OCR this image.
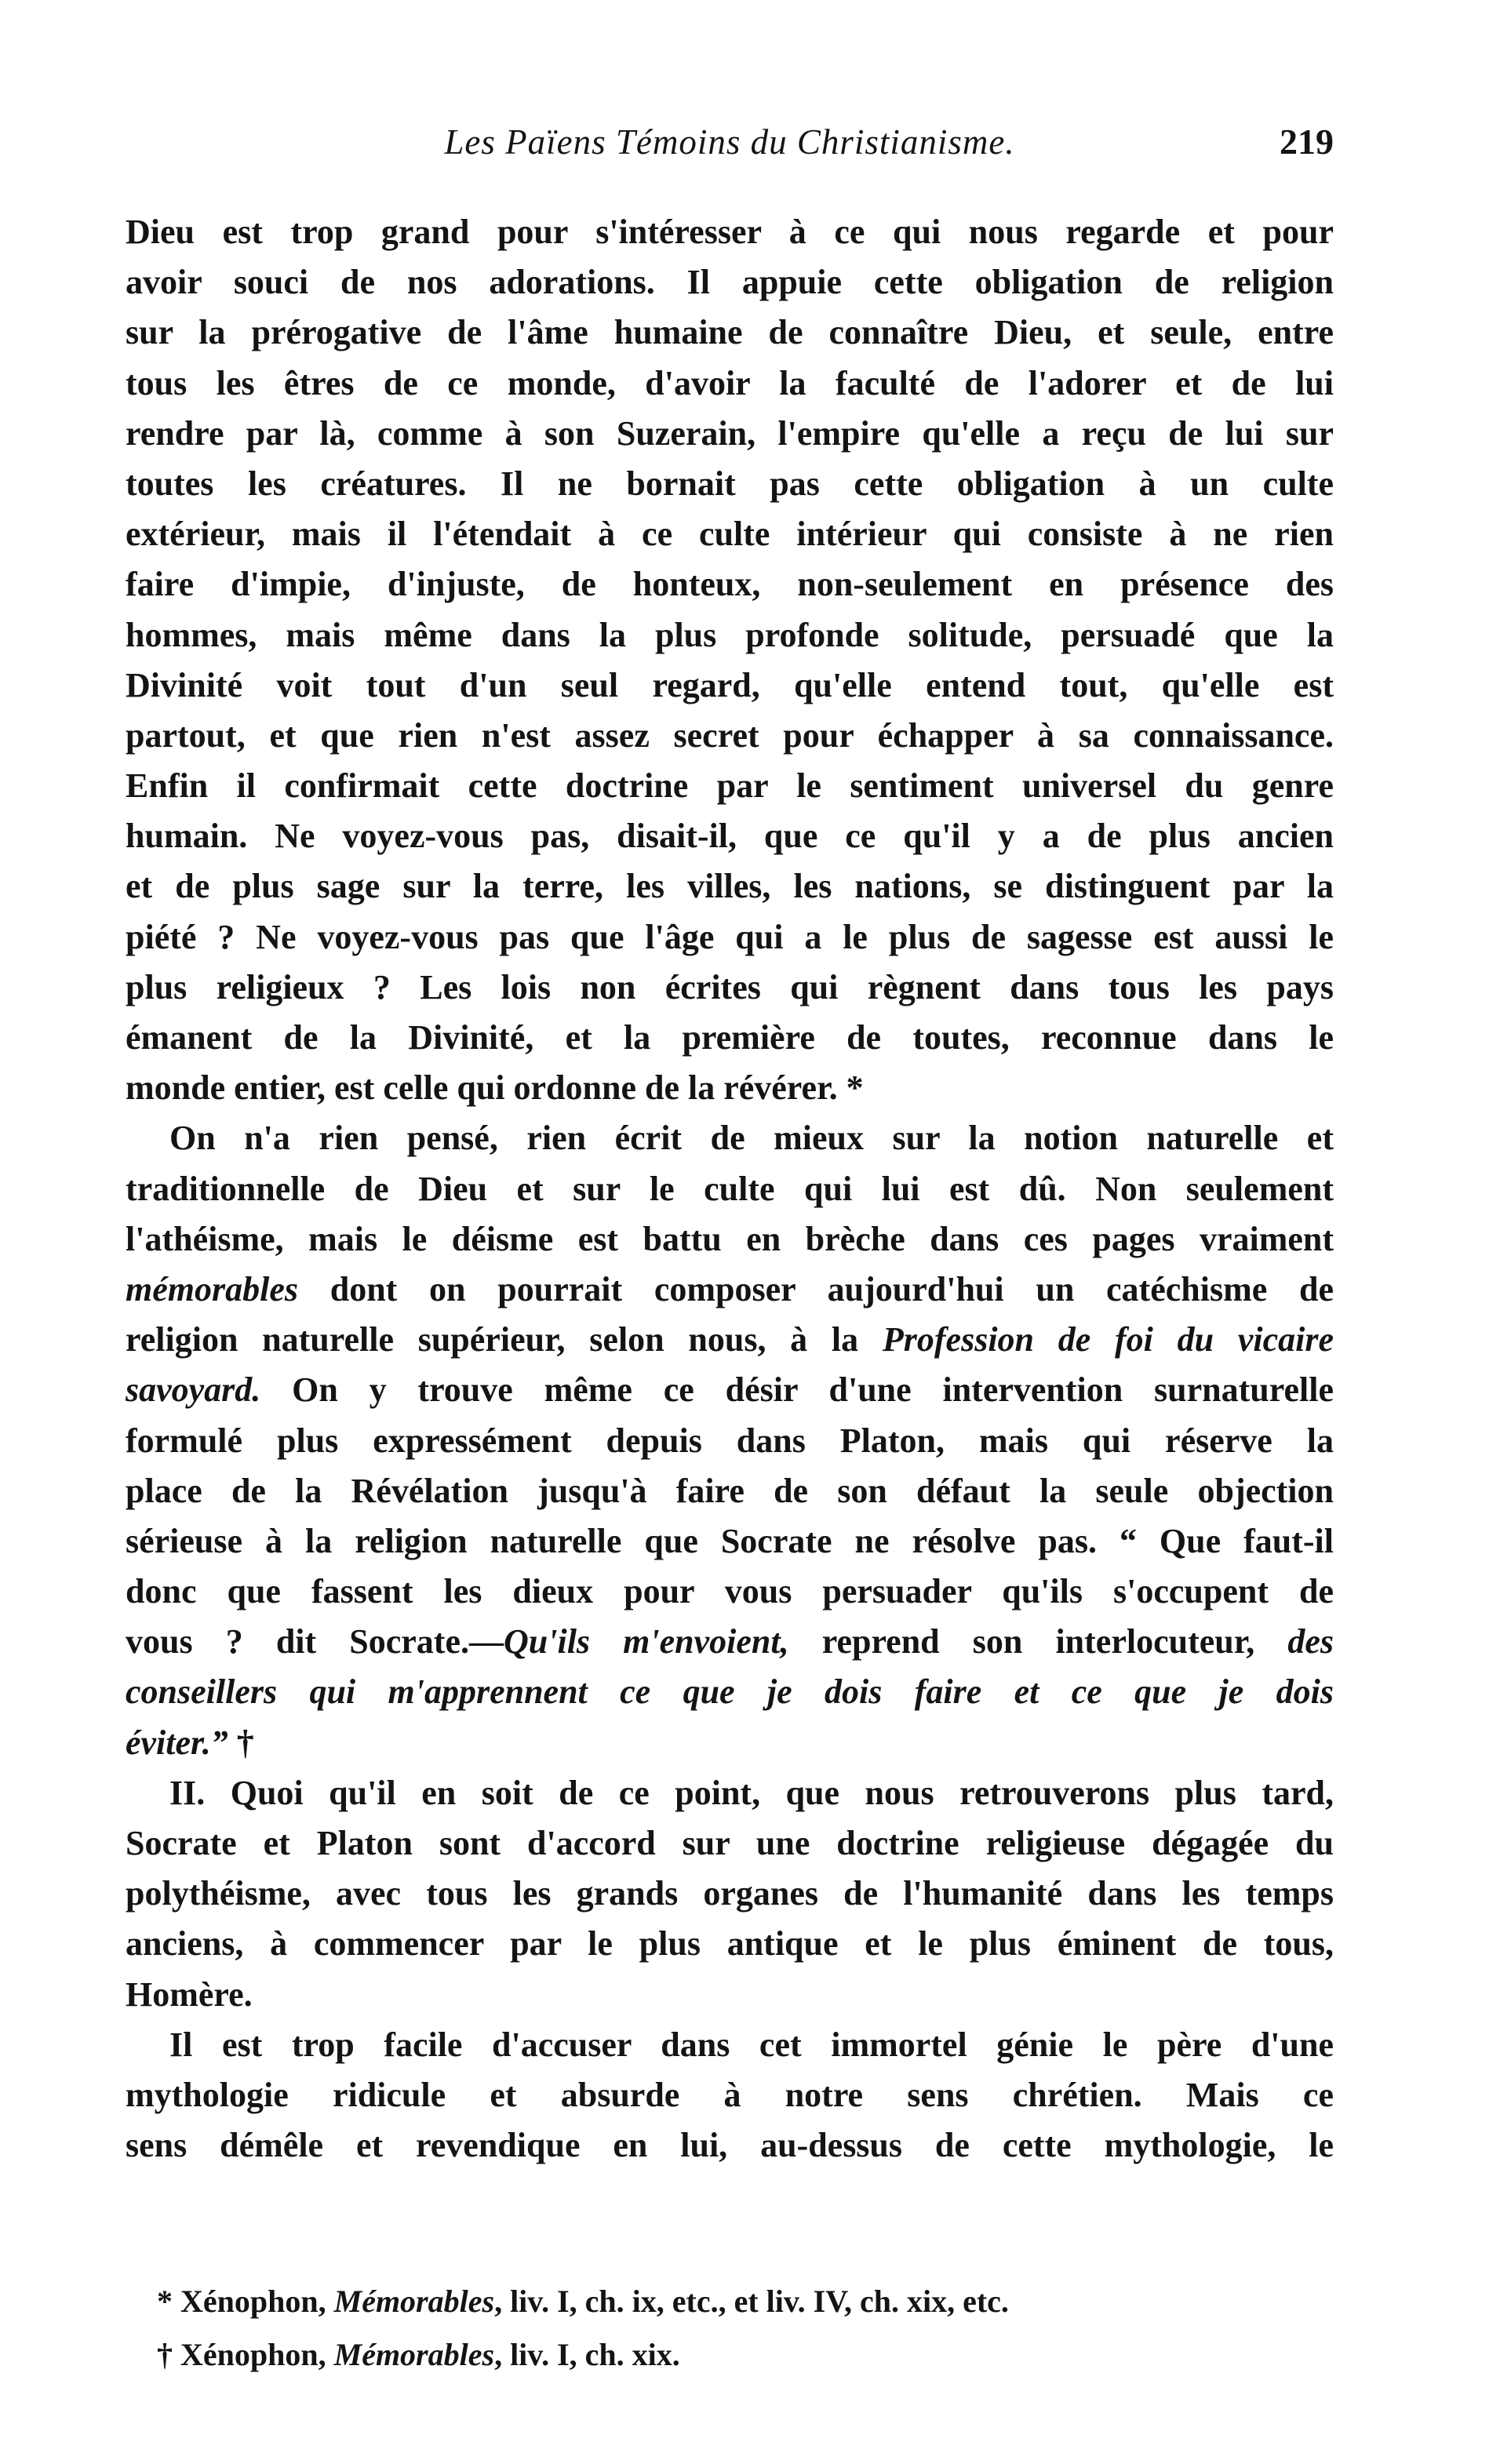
Les Païens Témoins du Christianisme.	219
Dieu est trop grand pour s'intéresser à ce qui nous regarde et pour
avoir souci de nos adorations. Il appuie cette obligation de religion
sur la prérogative de l'âme humaine de connaître Dieu, et seule, entre
tous les êtres de ce monde, d'avoir la faculté de l'adorer et de lui
rendre par là, comme à son Suzerain, l'empire qu'elle a reçu de lui sur
toutes les créatures. Il ne bornait pas cette obligation à un culte
extérieur, mais il l'étendait à ce culte intérieur qui consiste à ne rien
faire d'impie, d'injuste, de honteux, non-seulement en présence des
hommes, mais même dans la plus profonde solitude, persuadé que la
Divinité voit tout d'un seul regard, qu'elle entend tout, qu'elle est
partout, et que rien n'est assez secret pour échapper à sa connaissance.
Enfin il confirmait cette doctrine par le sentiment universel du genre
humain. Ne voyez-vous pas, disait-il, que ce qu'il y a de plus ancien
et de plus sage sur la terre, les villes, les nations, se distinguent par la
piété ? Ne voyez-vous pas que l'âge qui a le plus de sagesse est aussi le
plus religieux ? Les lois non écrites qui règnent dans tous les pays
émanent de la Divinité, et la première de toutes, reconnue dans le
monde entier, est celle qui ordonne de la révérer. *
On n'a rien pensé, rien écrit de mieux sur la notion naturelle et
traditionnelle de Dieu et sur le culte qui lui est dû. Non seulement
l'athéisme, mais le déisme est battu en brèche dans ces pages vraiment
mémorables dont on pourrait composer aujourd'hui un catéchisme de
religion naturelle supérieur, selon nous, à la Profession de foi du vicaire
savoyard. On y trouve même ce désir d'une intervention surnaturelle
formulé plus expressément depuis dans Platon, mais qui réserve la
place de la Révélation jusqu'à faire de son défaut la seule objection
sérieuse à la religion naturelle que Socrate ne résolve pas. “ Que faut-il
donc que fassent les dieux pour vous persuader qu'ils s'occupent de
vous ? dit Socrate.—Qu'ils m'envoient, reprend son interlocuteur, des
conseillers qui m'apprennent ce que je dois faire et ce que je dois
éviter.” †
II. Quoi qu'il en soit de ce point, que nous retrouverons plus tard,
Socrate et Platon sont d'accord sur une doctrine religieuse dégagée du
polythéisme, avec tous les grands organes de l'humanité dans les temps
anciens, à commencer par le plus antique et le plus éminent de tous,
Homère.
Il est trop facile d'accuser dans cet immortel génie le père d'une
mythologie ridicule et absurde à notre sens chrétien. Mais ce
sens démêle et revendique en lui, au-dessus de cette mythologie, le
* Xénophon, Mémorables, liv. I, ch. ix, etc., et liv. IV, ch. xix, etc.
† Xénophon, Mémorables, liv. I, ch. xix.
